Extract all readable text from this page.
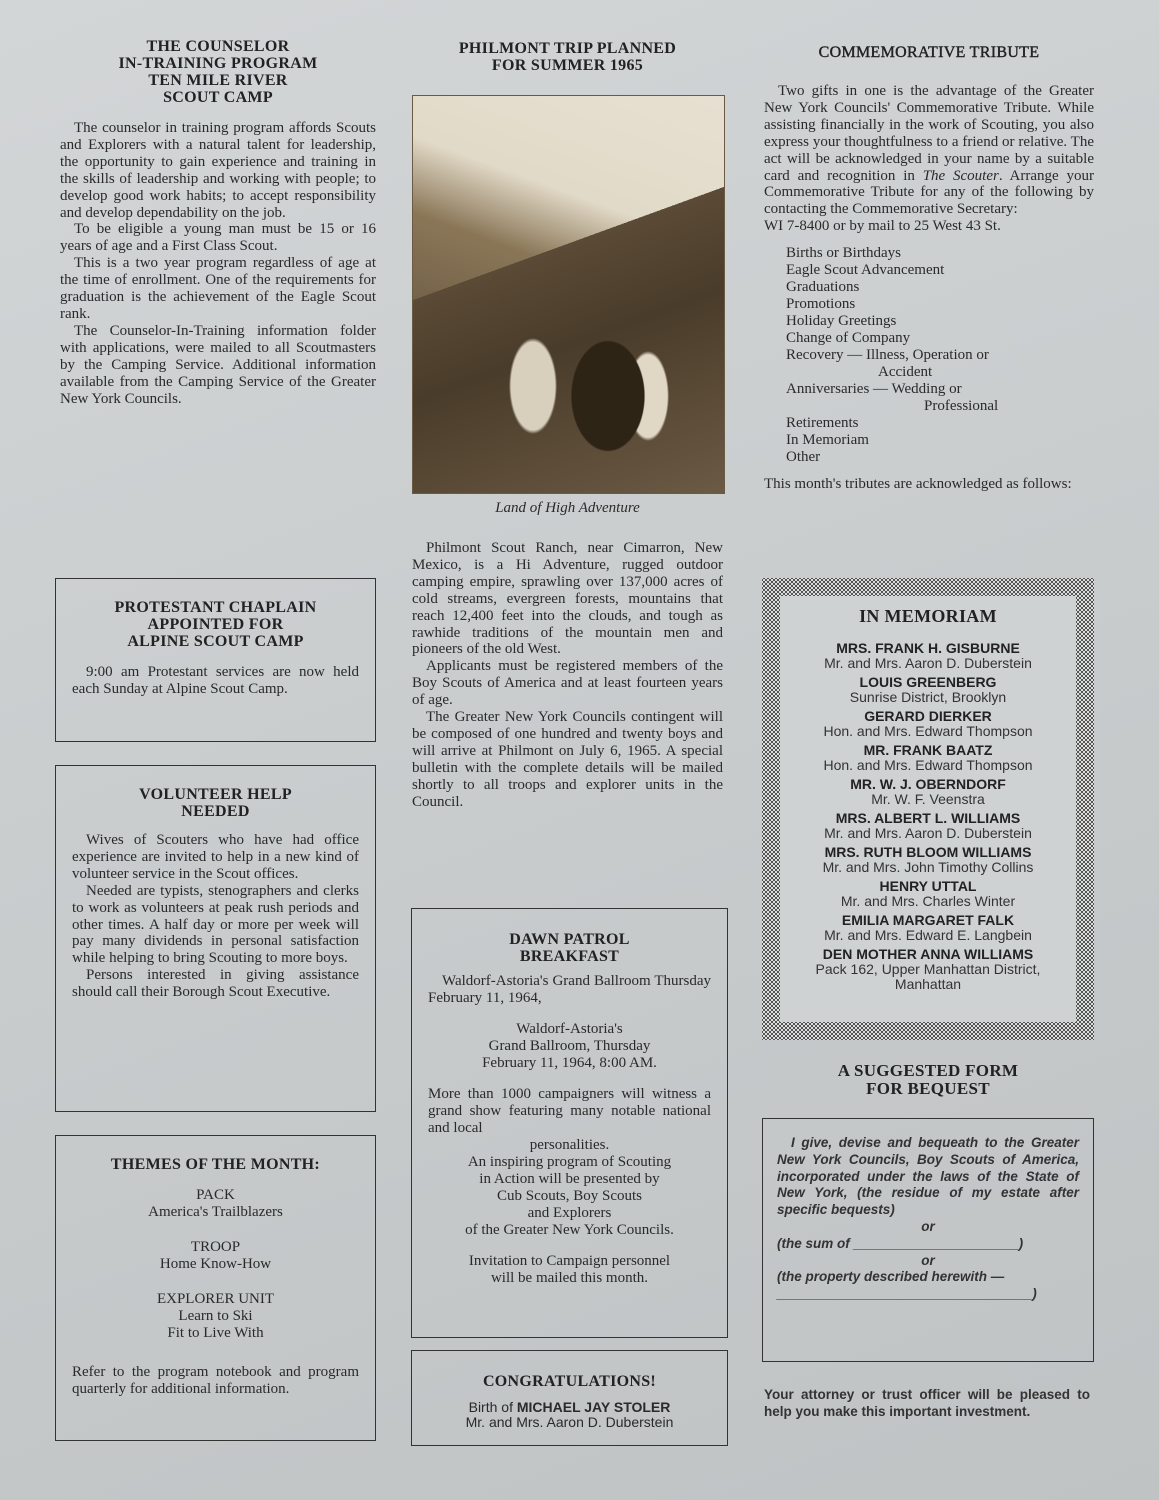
THE COUNSELOR
IN-TRAINING PROGRAM
TEN MILE RIVER
SCOUT CAMP

The counselor in training program affords Scouts and Explorers with a natural talent for leadership, the opportunity to gain experience and training in the skills of leadership and working with people; to develop good work habits; to accept responsibility and develop dependability on the job.

To be eligible a young man must be 15 or 16 years of age and a First Class Scout.

This is a two year program regardless of age at the time of enrollment. One of the requirements for graduation is the achievement of the Eagle Scout rank.

The Counselor-In-Training information folder with applications, were mailed to all Scoutmasters by the Camping Service. Additional information available from the Camping Service of the Greater New York Councils.

PROTESTANT CHAPLAIN
APPOINTED FOR
ALPINE SCOUT CAMP

9:00 am Protestant services are now held each Sunday at Alpine Scout Camp.

VOLUNTEER HELP
NEEDED

Wives of Scouters who have had office experience are invited to help in a new kind of volunteer service in the Scout offices.

Needed are typists, stenographers and clerks to work as volunteers at peak rush periods and other times. A half day or more per week will pay many dividends in personal satisfaction while helping to bring Scouting to more boys.

Persons interested in giving assistance should call their Borough Scout Executive.

THEMES OF THE MONTH:

PACK

America's Trailblazers

TROOP

Home Know-How

EXPLORER UNIT

Learn to Ski

Fit to Live With

Refer to the program notebook and program quarterly for additional information.

PHILMONT TRIP PLANNED
FOR SUMMER 1965
Land of High Adventure

Philmont Scout Ranch, near Cimarron, New Mexico, is a Hi Adventure, rugged outdoor camping empire, sprawling over 137,000 acres of cold streams, evergreen forests, mountains that reach 12,400 feet into the clouds, and tough as rawhide traditions of the mountain men and pioneers of the old West.

Applicants must be registered members of the Boy Scouts of America and at least fourteen years of age.

The Greater New York Councils contingent will be composed of one hundred and twenty boys and will arrive at Philmont on July 6, 1965. A special bulletin with the complete details will be mailed shortly to all troops and explorer units in the Council.

DAWN PATROL
BREAKFAST

Waldorf-Astoria's Grand Ballroom Thursday February 11, 1964,

Waldorf-Astoria's

Grand Ballroom, Thursday

February 11, 1964, 8:00 AM.

More than 1000 campaigners will witness a grand show featuring many notable national and local

personalities.

An inspiring program of Scouting

in Action will be presented by

Cub Scouts, Boy Scouts

and Explorers

of the Greater New York Councils.

Invitation to Campaign personnel

will be mailed this month.

CONGRATULATIONS!
Birth of MICHAEL JAY STOLER
Mr. and Mrs. Aaron D. Duberstein
COMMEMORATIVE TRIBUTE

Two gifts in one is the advantage of the Greater New York Councils' Commemorative Tribute. While assisting financially in the work of Scouting, you also express your thoughtfulness to a friend or relative. The act will be acknowledged in your name by a suitable card and recognition in The Scouter. Arrange your Commemorative Tribute for any of the following by contacting the Commemorative Secretary:

WI 7-8400 or by mail to 25 West 43 St.

Births or Birthdays
Eagle Scout Advancement
Graduations
Promotions
Holiday Greetings
Change of Company
Recovery — Illness, Operation or
Accident
Anniversaries — Wedding or
Professional
Retirements
In Memoriam
Other

This month's tributes are acknowledged as follows:

IN MEMORIAM
MRS. FRANK H. GISBURNE
Mr. and Mrs. Aaron D. Duberstein
LOUIS GREENBERG
Sunrise District, Brooklyn
GERARD DIERKER
Hon. and Mrs. Edward Thompson
MR. FRANK BAATZ
Hon. and Mrs. Edward Thompson
MR. W. J. OBERNDORF
Mr. W. F. Veenstra
MRS. ALBERT L. WILLIAMS
Mr. and Mrs. Aaron D. Duberstein
MRS. RUTH BLOOM WILLIAMS
Mr. and Mrs. John Timothy Collins
HENRY UTTAL
Mr. and Mrs. Charles Winter
EMILIA MARGARET FALK
Mr. and Mrs. Edward E. Langbein
DEN MOTHER ANNA WILLIAMS
Pack 162, Upper Manhattan District, Manhattan
A SUGGESTED FORM
FOR BEQUEST
I give, devise and bequeath to the Greater New York Councils, Boy Scouts of America, incorporated under the laws of the State of New York, (the residue of my estate after specific bequests)
or
(the sum of ______________________)
or
(the property described herewith —
__________________________________)
Your attorney or trust officer will be pleased to help you make this important investment.
